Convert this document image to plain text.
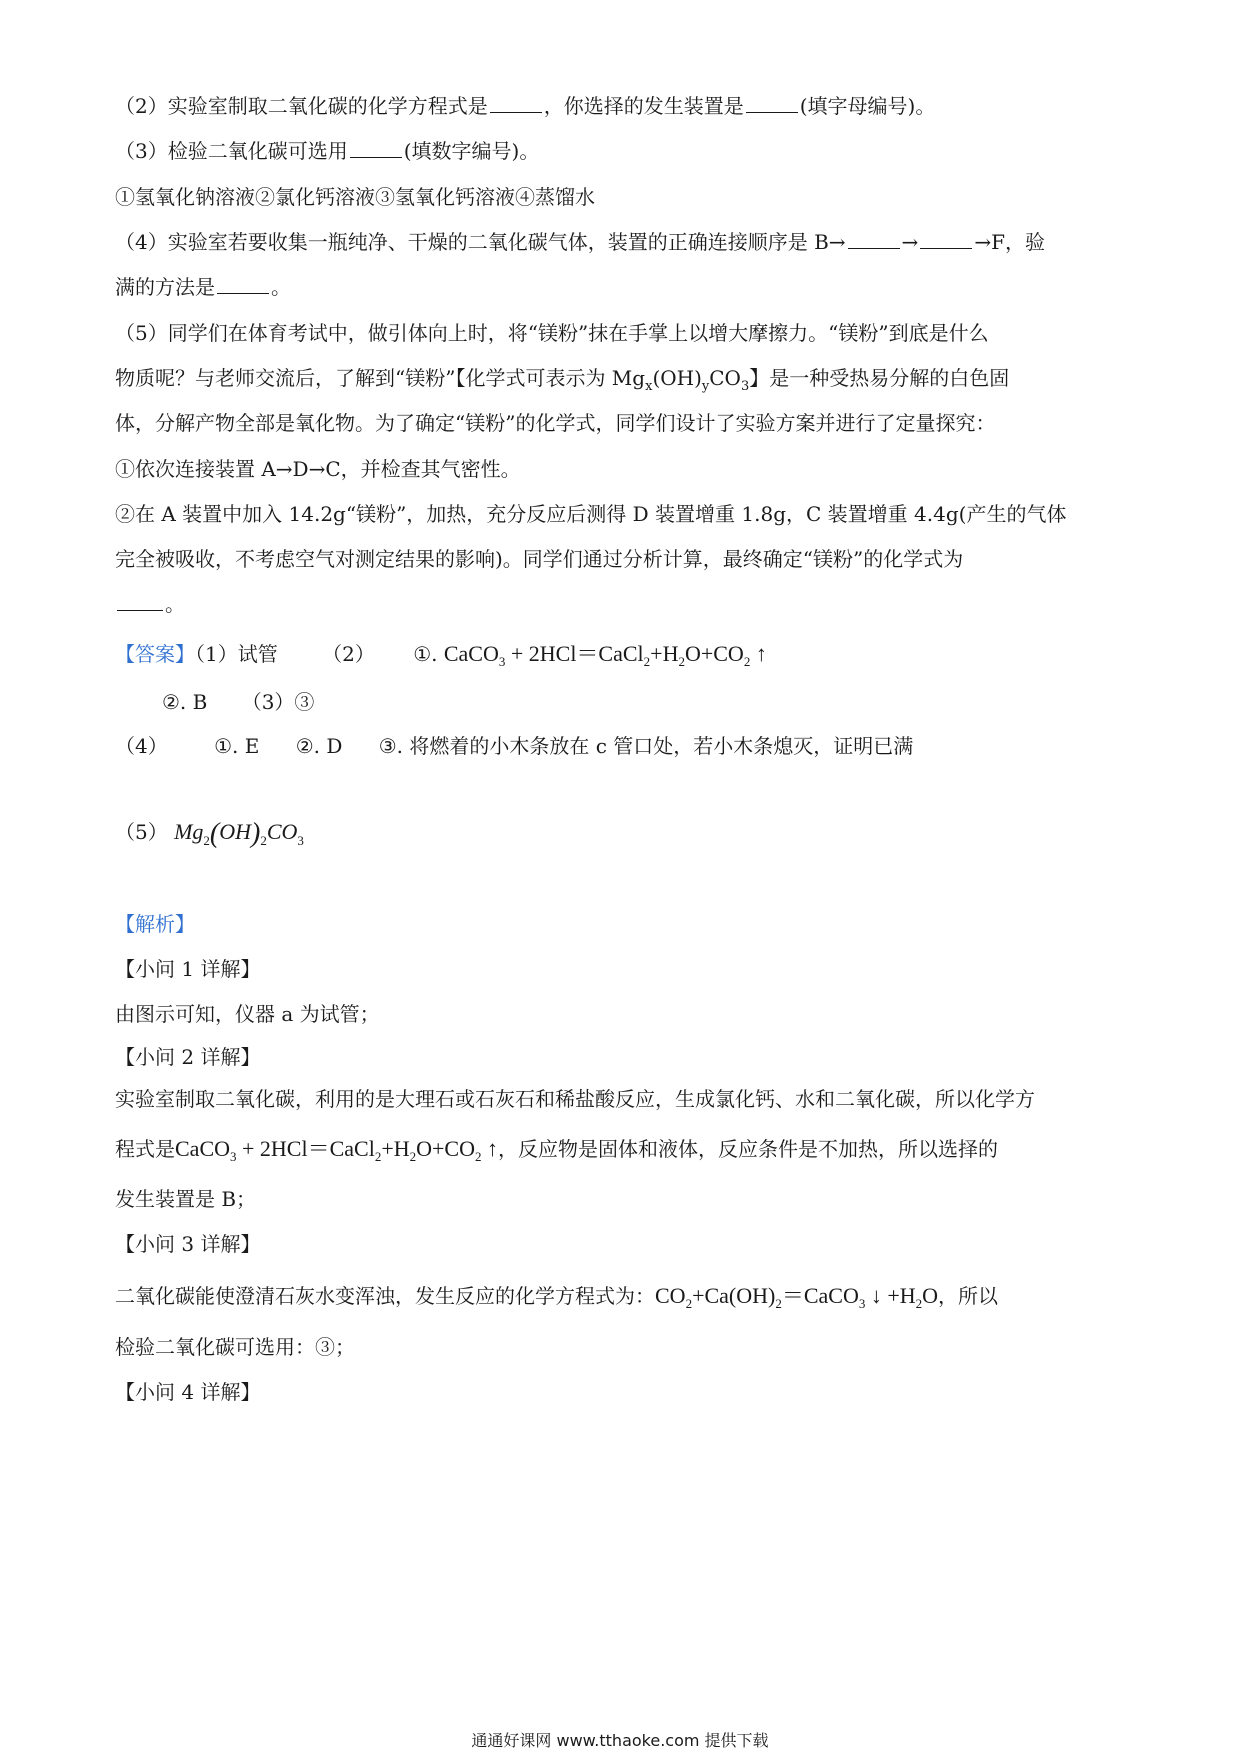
（2）实验室制取二氧化碳的化学方程式是	，你选择的发生装置是	(填字母编号)。
（3）检验二氧化碳可选用	(填数字编号)。
①氢氧化钠溶液②氯化钙溶液③氢氧化钙溶液④蒸馏水
（4）实验室若要收集一瓶纯净、干燥的二氧化碳气体，装置的正确连接顺序是 B→	→	→F，验
满的方法是	。
（5）同学们在体育考试中，做引体向上时，将“镁粉”抹在手掌上以增大摩擦力。“镁粉”到底是什么
物质呢？与老师交流后，了解到“镁粉”【化学式可表示为 $Mg_x(OH)_yCO_3$】是一种受热易分解的白色固
体，分解产物全部是氧化物。为了确定“镁粉”的化学式，同学们设计了实验方案并进行了定量探究：
①依次连接装置 A→D→C，并检查其气密性。
②在 A 装置中加入 14.2g“镁粉”，加热，充分反应后测得 D 装置增重 1.8g，C 装置增重 4.4g(产生的气体
完全被吸收，不考虑空气对测定结果的影响)。同学们通过分析计算，最终确定“镁粉”的化学式为
。
【答案】（1）试管 （2） ①. CaCO$_3$ + $2HCl=CaCl_2+H_2O+CO_2$ ↑
②. B （3）③
（4） ①. E ②. D ③. 将燃着的小木条放在 c 管口处，若小木条熄灭，证明已满
（5） $Mg_2(OH)_2CO_3$
【解析】
【小问 1 详解】
由图示可知，仪器 a 为试管；
【小问 2 详解】
实验室制取二氧化碳，利用的是大理石或石灰石和稀盐酸反应，生成氯化钙、水和二氧化碳，所以化学方
程式是CaCO$_3$ + $2HCl=CaCl_2+H_2O+CO_2$ ↑，反应物是固体和液体，反应条件是不加热，所以选择的
发生装置是 B；
【小问 3 详解】
二氧化碳能使澄清石灰水变浑浊，发生反应的化学方程式为：$CO_2+Ca(OH)_2=CaCO_3$ ↓ $+H_2O$，所以
检验二氧化碳可选用：③；
【小问 4 详解】
通通好课网 www.tthaoke.com 提供下载
